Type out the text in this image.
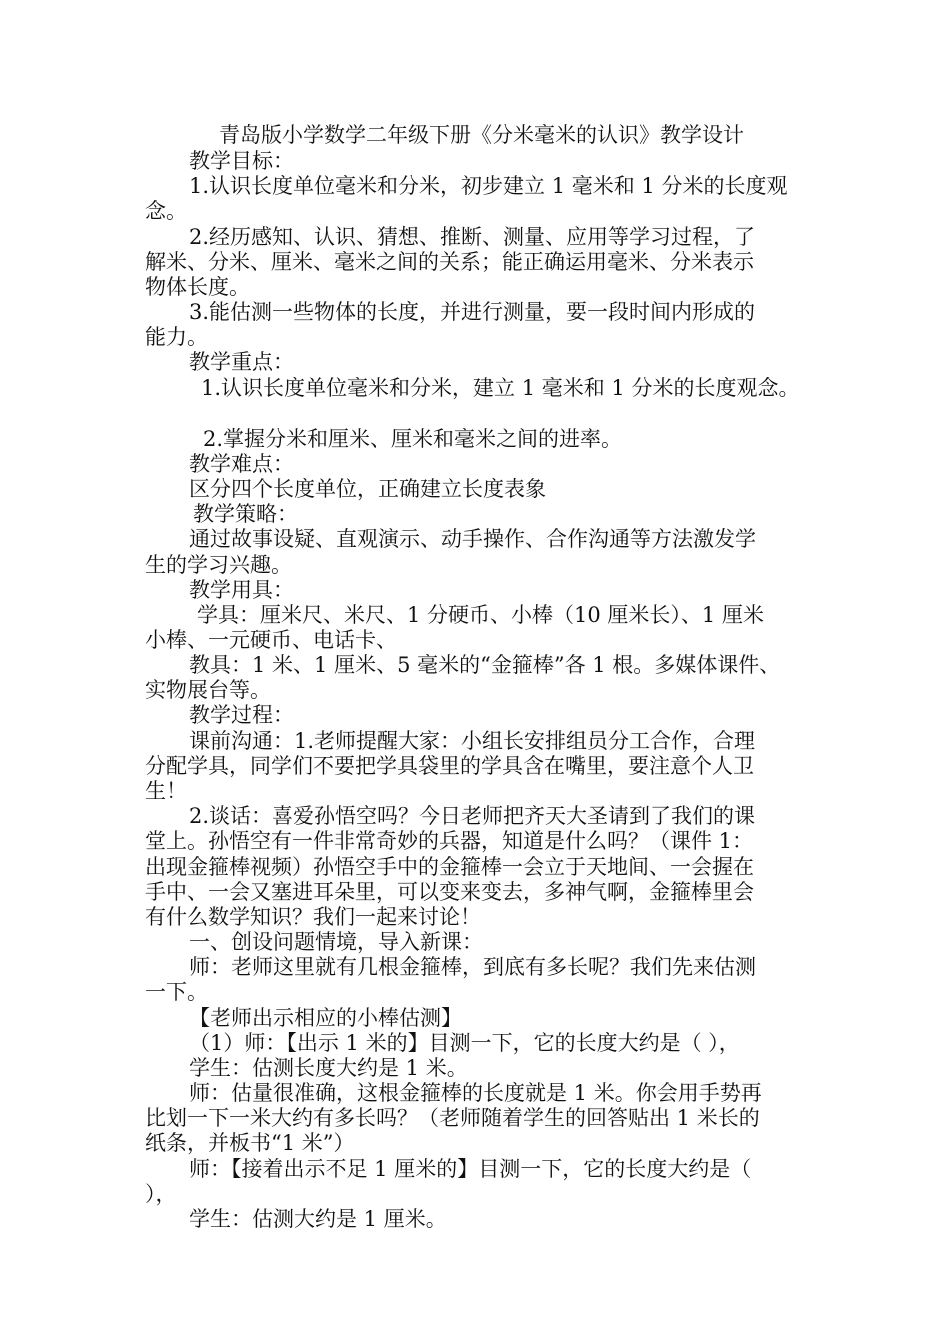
青岛版小学数学二年级下册《分米毫米的认识》教学设计
教学目标：
1.认识长度单位毫米和分米，初步建立 1 毫米和 1 分米的长度观
念。
2.经历感知、认识、猜想、推断、测量、应用等学习过程，了
解米、分米、厘米、毫米之间的关系；能正确运用毫米、分米表示
物体长度。
3.能估测一些物体的长度，并进行测量，要一段时间内形成的
能力。
教学重点：
1.认识长度单位毫米和分米，建立 1 毫米和 1 分米的长度观念。
2.掌握分米和厘米、厘米和毫米之间的进率。
教学难点：
区分四个长度单位，正确建立长度表象
教学策略：
通过故事设疑、直观演示、动手操作、合作沟通等方法激发学
生的学习兴趣。
教学用具：
学具：厘米尺、米尺、1 分硬币、小棒（10 厘米长）、1 厘米
小棒、一元硬币、电话卡、
教具：1 米、1 厘米、5 毫米的“金箍棒”各 1 根。多媒体课件、
实物展台等。
教学过程：
课前沟通：1.老师提醒大家：小组长安排组员分工合作，合理
分配学具，同学们不要把学具袋里的学具含在嘴里，要注意个人卫
生！
2.谈话：喜爱孙悟空吗？今日老师把齐天大圣请到了我们的课
堂上。孙悟空有一件非常奇妙的兵器，知道是什么吗？（课件 1：
出现金箍棒视频）孙悟空手中的金箍棒一会立于天地间、一会握在
手中、一会又塞进耳朵里，可以变来变去，多神气啊，金箍棒里会
有什么数学知识？我们一起来讨论！
一、创设问题情境，导入新课：
师：老师这里就有几根金箍棒，到底有多长呢？我们先来估测
一下。
【老师出示相应的小棒估测】
（1）师：【出示 1 米的】目测一下，它的长度大约是（ ），
学生：估测长度大约是 1 米。
师：估量很准确，这根金箍棒的长度就是 1 米。你会用手势再
比划一下一米大约有多长吗？（老师随着学生的回答贴出 1 米长的
纸条，并板书“1 米”）
师：【接着出示不足 1 厘米的】目测一下，它的长度大约是（
），
学生：估测大约是 1 厘米。
